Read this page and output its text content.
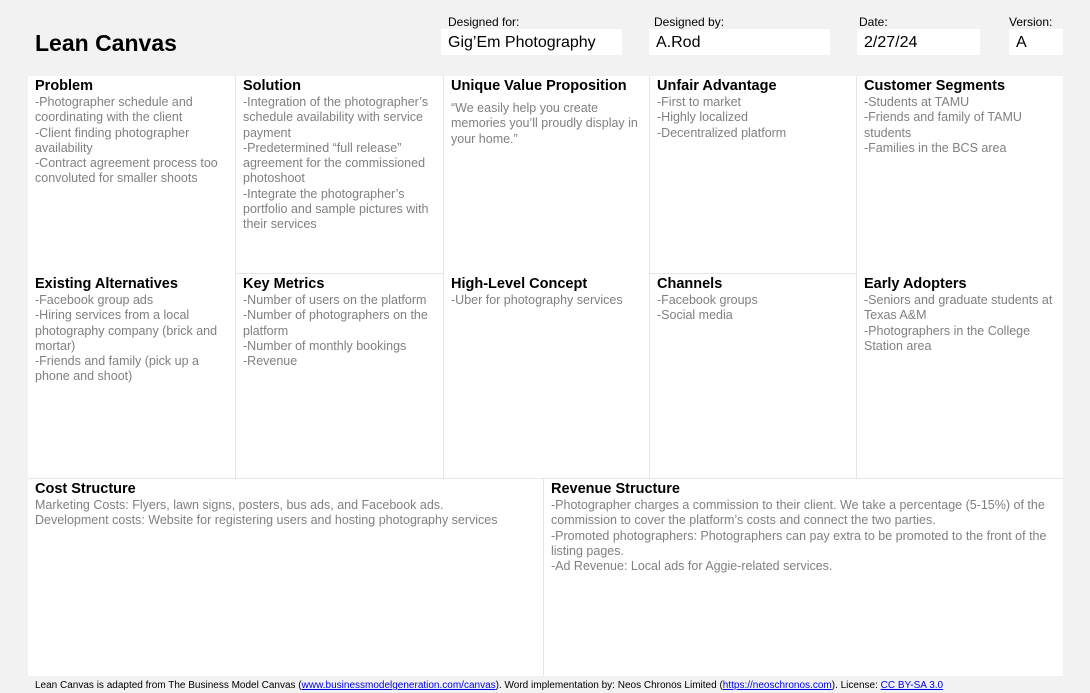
Lean Canvas
Designed for:
Gig’Em Photography
Designed by:
A.Rod
Date:
2/27/24
Version:
A
Problem

-Photographer schedule and coordinating with the client
-Client finding photographer availability
-Contract agreement process too convoluted for smaller shoots

Solution

-Integration of the photographer’s schedule availability with service payment
-Predetermined “full release” agreement for the commissioned photoshoot
-Integrate the photographer’s portfolio and sample pictures with their services

Unique Value Proposition

“We easily help you create memories you’ll proudly display in your home.”

Unfair Advantage

-First to market
-Highly localized
-Decentralized platform

Customer Segments

-Students at TAMU
-Friends and family of TAMU students
-Families in the BCS area

Existing Alternatives

-Facebook group ads
-Hiring services from a local photography company (brick and mortar)
-Friends and family (pick up a phone and shoot)

Key Metrics

-Number of users on the platform
-Number of photographers on the platform
-Number of monthly bookings
-Revenue

High-Level Concept

-Uber for photography services

Channels

-Facebook groups
-Social media

Early Adopters

-Seniors and graduate students at Texas A&M
-Photographers in the College Station area

Cost Structure

Marketing Costs: Flyers, lawn signs, posters, bus ads, and Facebook ads.
Development costs: Website for registering users and hosting photography services

Revenue Structure

-Photographer charges a commission to their client. We take a percentage (5-15%) of the commission to cover the platform’s costs and connect the two parties.
-Promoted photographers: Photographers can pay extra to be promoted to the front of the listing pages.
-Ad Revenue: Local ads for Aggie-related services.

Lean Canvas is adapted from The Business Model Canvas (www.businessmodelgeneration.com/canvas). Word implementation by: Neos Chronos Limited (https://neoschronos.com). License: CC BY-SA 3.0
